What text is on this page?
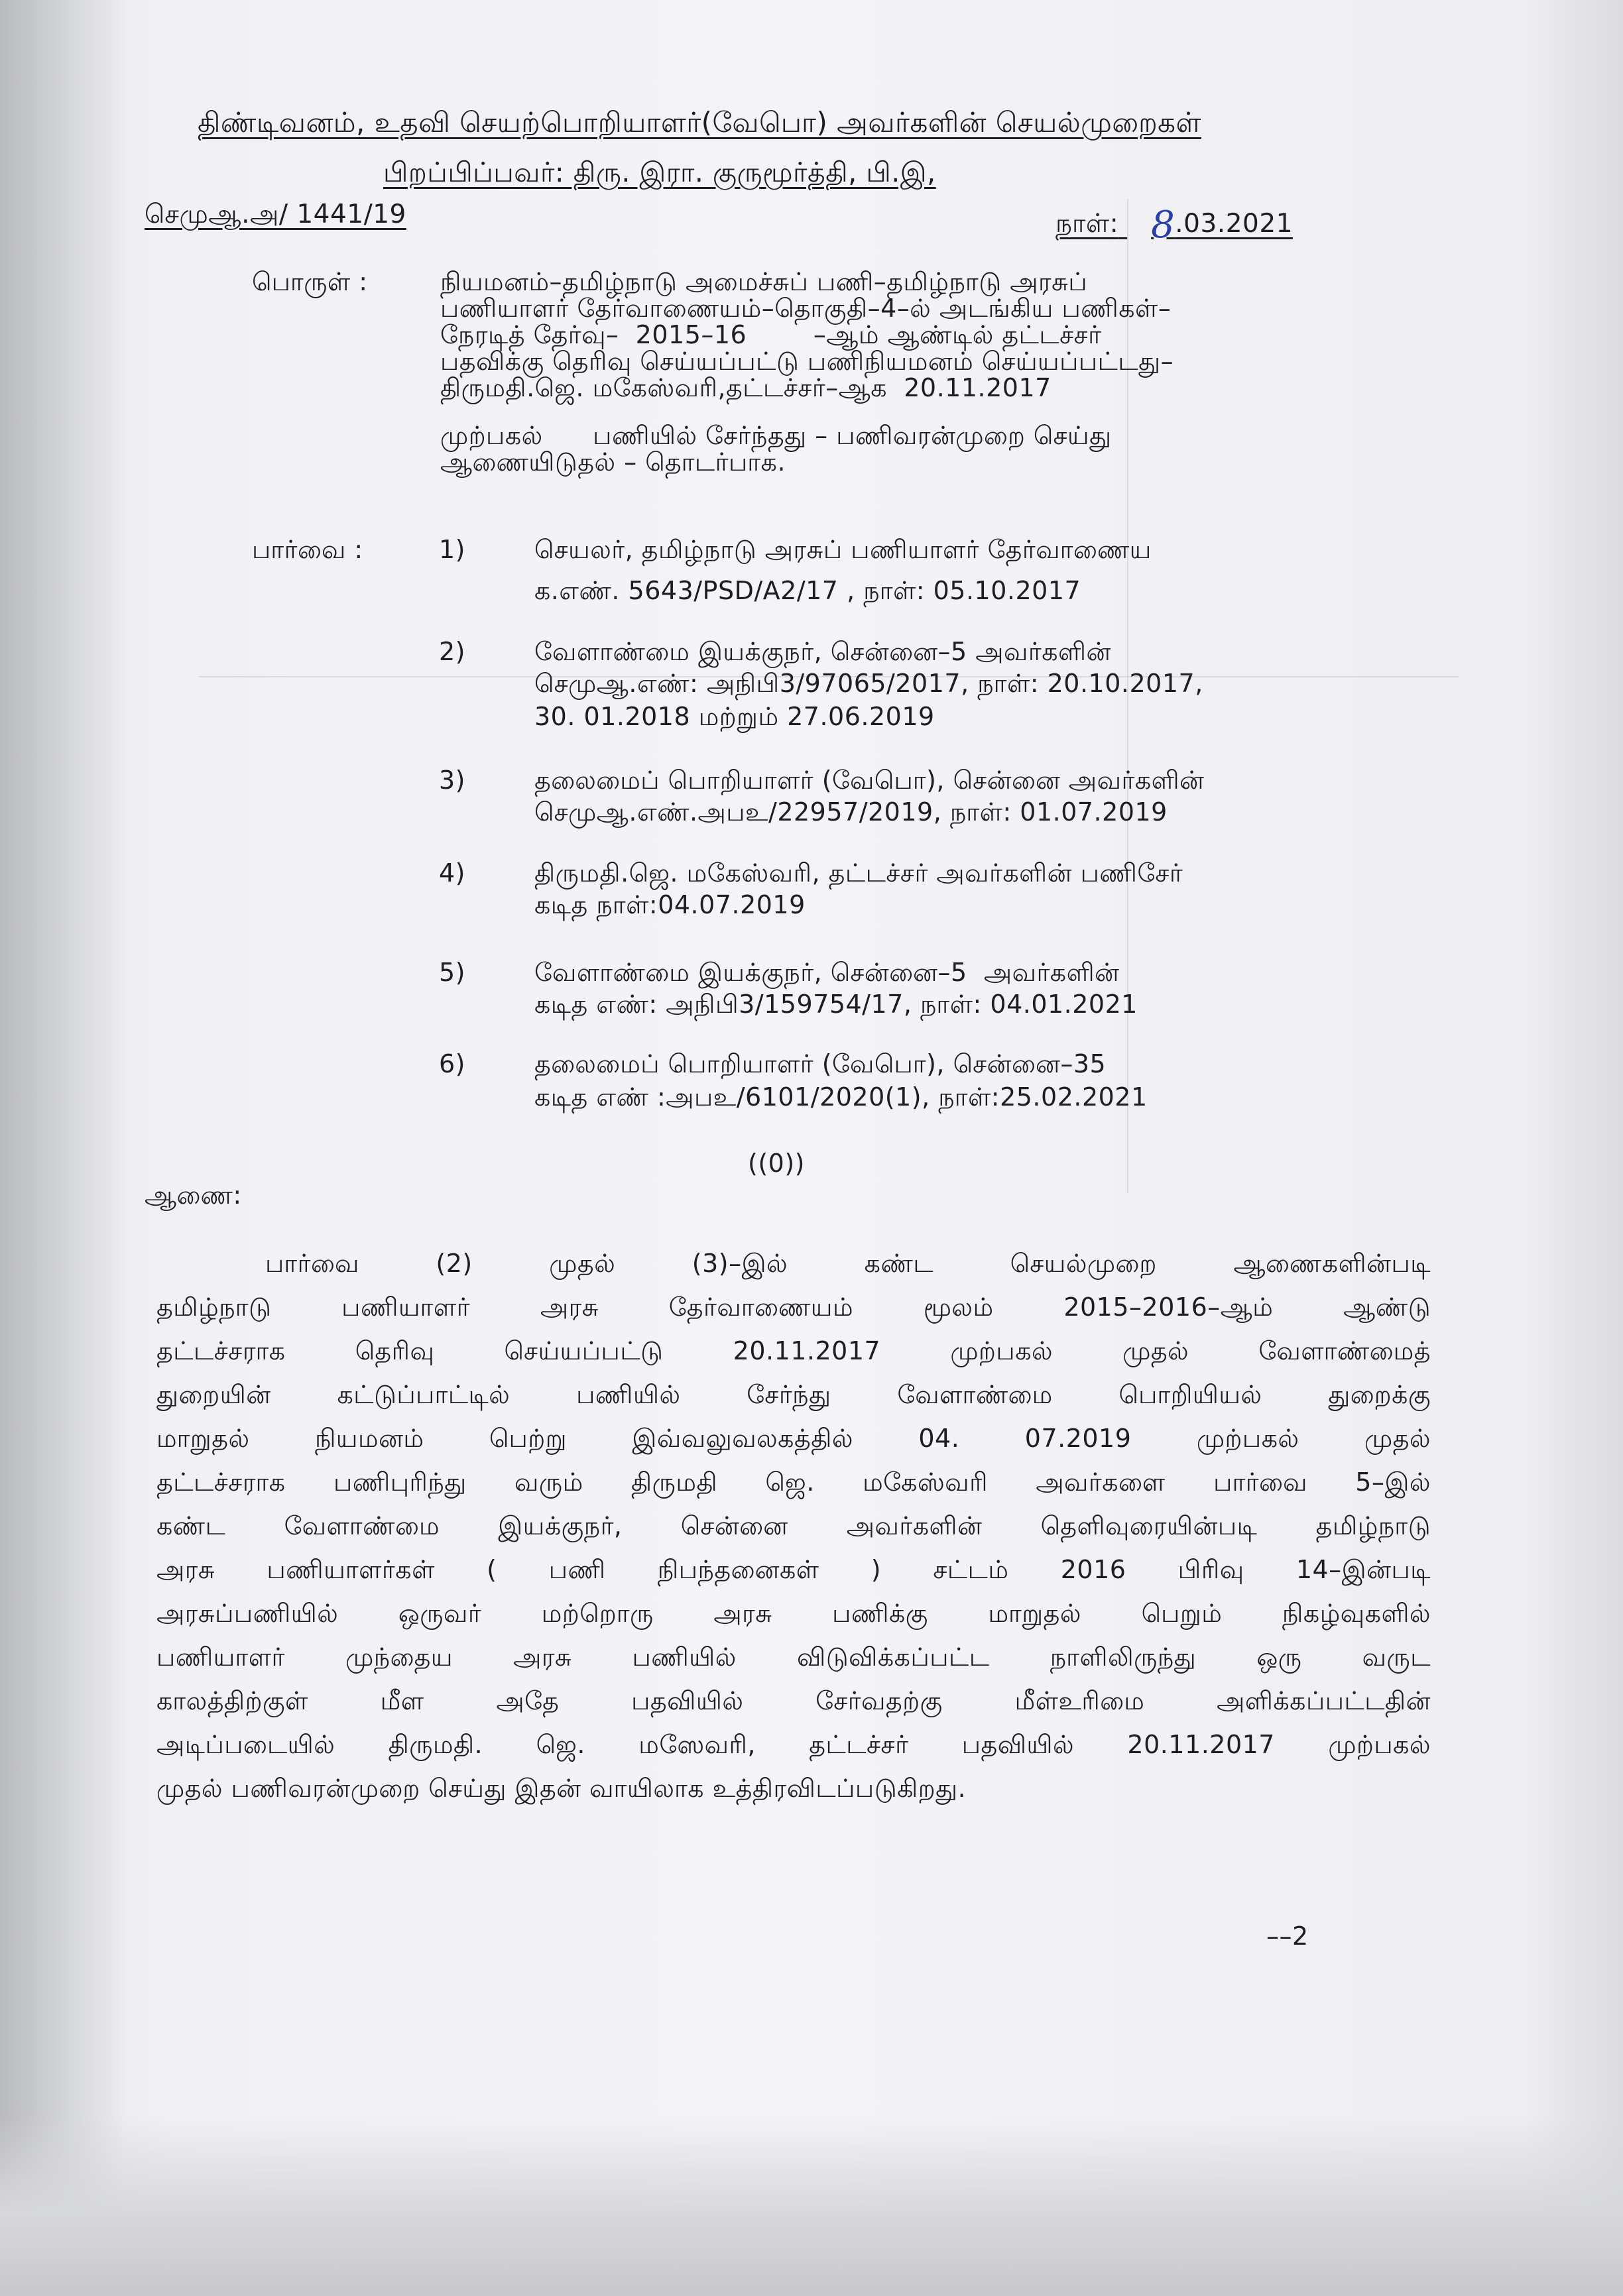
திண்டிவனம், உதவி செயற்பொறியாளர்(வேபொ) அவர்களின் செயல்முறைகள்
பிறப்பிப்பவர்: திரு. இரா. குருமூர்த்தி, பி.இ,
செமுஆ.அ/ 1441/19	நாள்: 8.03.2021
பொருள் :	நியமனம்–தமிழ்நாடு அமைச்சுப் பணி–தமிழ்நாடு அரசுப்
பணியாளர் தேர்வாணையம்–தொகுதி–4–ல் அடங்கிய பணிகள்–
நேரடித் தேர்வு–  2015–16        –ஆம் ஆண்டில் தட்டச்சர்
பதவிக்கு தெரிவு செய்யப்பட்டு பணிநியமனம் செய்யப்பட்டது–
திருமதி.ஜெ. மகேஸ்வரி,தட்டச்சர்–ஆக  20.11.2017
முற்பகல்      பணியில் சேர்ந்தது – பணிவரன்முறை செய்து
ஆணையிடுதல் – தொடர்பாக.
பார்வை :	1)	செயலர், தமிழ்நாடு அரசுப் பணியாளர் தேர்வாணைய
க.எண். 5643/PSD/A2/17 , நாள்: 05.10.2017
2)	வேளாண்மை இயக்குநர், சென்னை–5 அவர்களின்
செமுஆ.எண்: அநிபி3/97065/2017, நாள்: 20.10.2017,
30. 01.2018 மற்றும் 27.06.2019
3)	தலைமைப் பொறியாளர் (வேபொ), சென்னை அவர்களின்
செமுஆ.எண்.அபஉ/22957/2019, நாள்: 01.07.2019
4)	திருமதி.ஜெ. மகேஸ்வரி, தட்டச்சர் அவர்களின் பணிசேர்
கடித நாள்:04.07.2019
5)	வேளாண்மை இயக்குநர், சென்னை–5  அவர்களின்
கடித எண்: அநிபி3/159754/17, நாள்: 04.01.2021
6)	தலைமைப் பொறியாளர் (வேபொ), சென்னை–35
கடித எண் :அபஉ/6101/2020(1), நாள்:25.02.2021
((0))
ஆணை:
பார்வை (2) முதல் (3)–இல் கண்ட செயல்முறை ஆணைகளின்படி
தமிழ்நாடு பணியாளர் அரசு தேர்வாணையம் மூலம் 2015–2016–ஆம் ஆண்டு
தட்டச்சராக தெரிவு செய்யப்பட்டு 20.11.2017 முற்பகல் முதல் வேளாண்மைத்
துறையின் கட்டுப்பாட்டில் பணியில் சேர்ந்து வேளாண்மை பொறியியல் துறைக்கு
மாறுதல் நியமனம் பெற்று இவ்வலுவலகத்தில் 04. 07.2019 முற்பகல் முதல்
தட்டச்சராக பணிபுரிந்து வரும் திருமதி ஜெ. மகேஸ்வரி அவர்களை பார்வை 5–இல்
கண்ட வேளாண்மை இயக்குநர், சென்னை அவர்களின் தெளிவுரையின்படி தமிழ்நாடு
அரசு பணியாளர்கள் ( பணி நிபந்தனைகள் ) சட்டம் 2016 பிரிவு 14–இன்படி
அரசுப்பணியில் ஒருவர் மற்றொரு அரசு பணிக்கு மாறுதல் பெறும் நிகழ்வுகளில்
பணியாளர் முந்தைய அரசு பணியில் விடுவிக்கப்பட்ட நாளிலிருந்து ஒரு வருட
காலத்திற்குள் மீள அதே பதவியில் சேர்வதற்கு மீள்உரிமை அளிக்கப்பட்டதின்
அடிப்படையில் திருமதி. ஜெ. மஸேவரி, தட்டச்சர் பதவியில் 20.11.2017 முற்பகல்
முதல் பணிவரன்முறை செய்து இதன் வாயிலாக உத்திரவிடப்படுகிறது.
––2
